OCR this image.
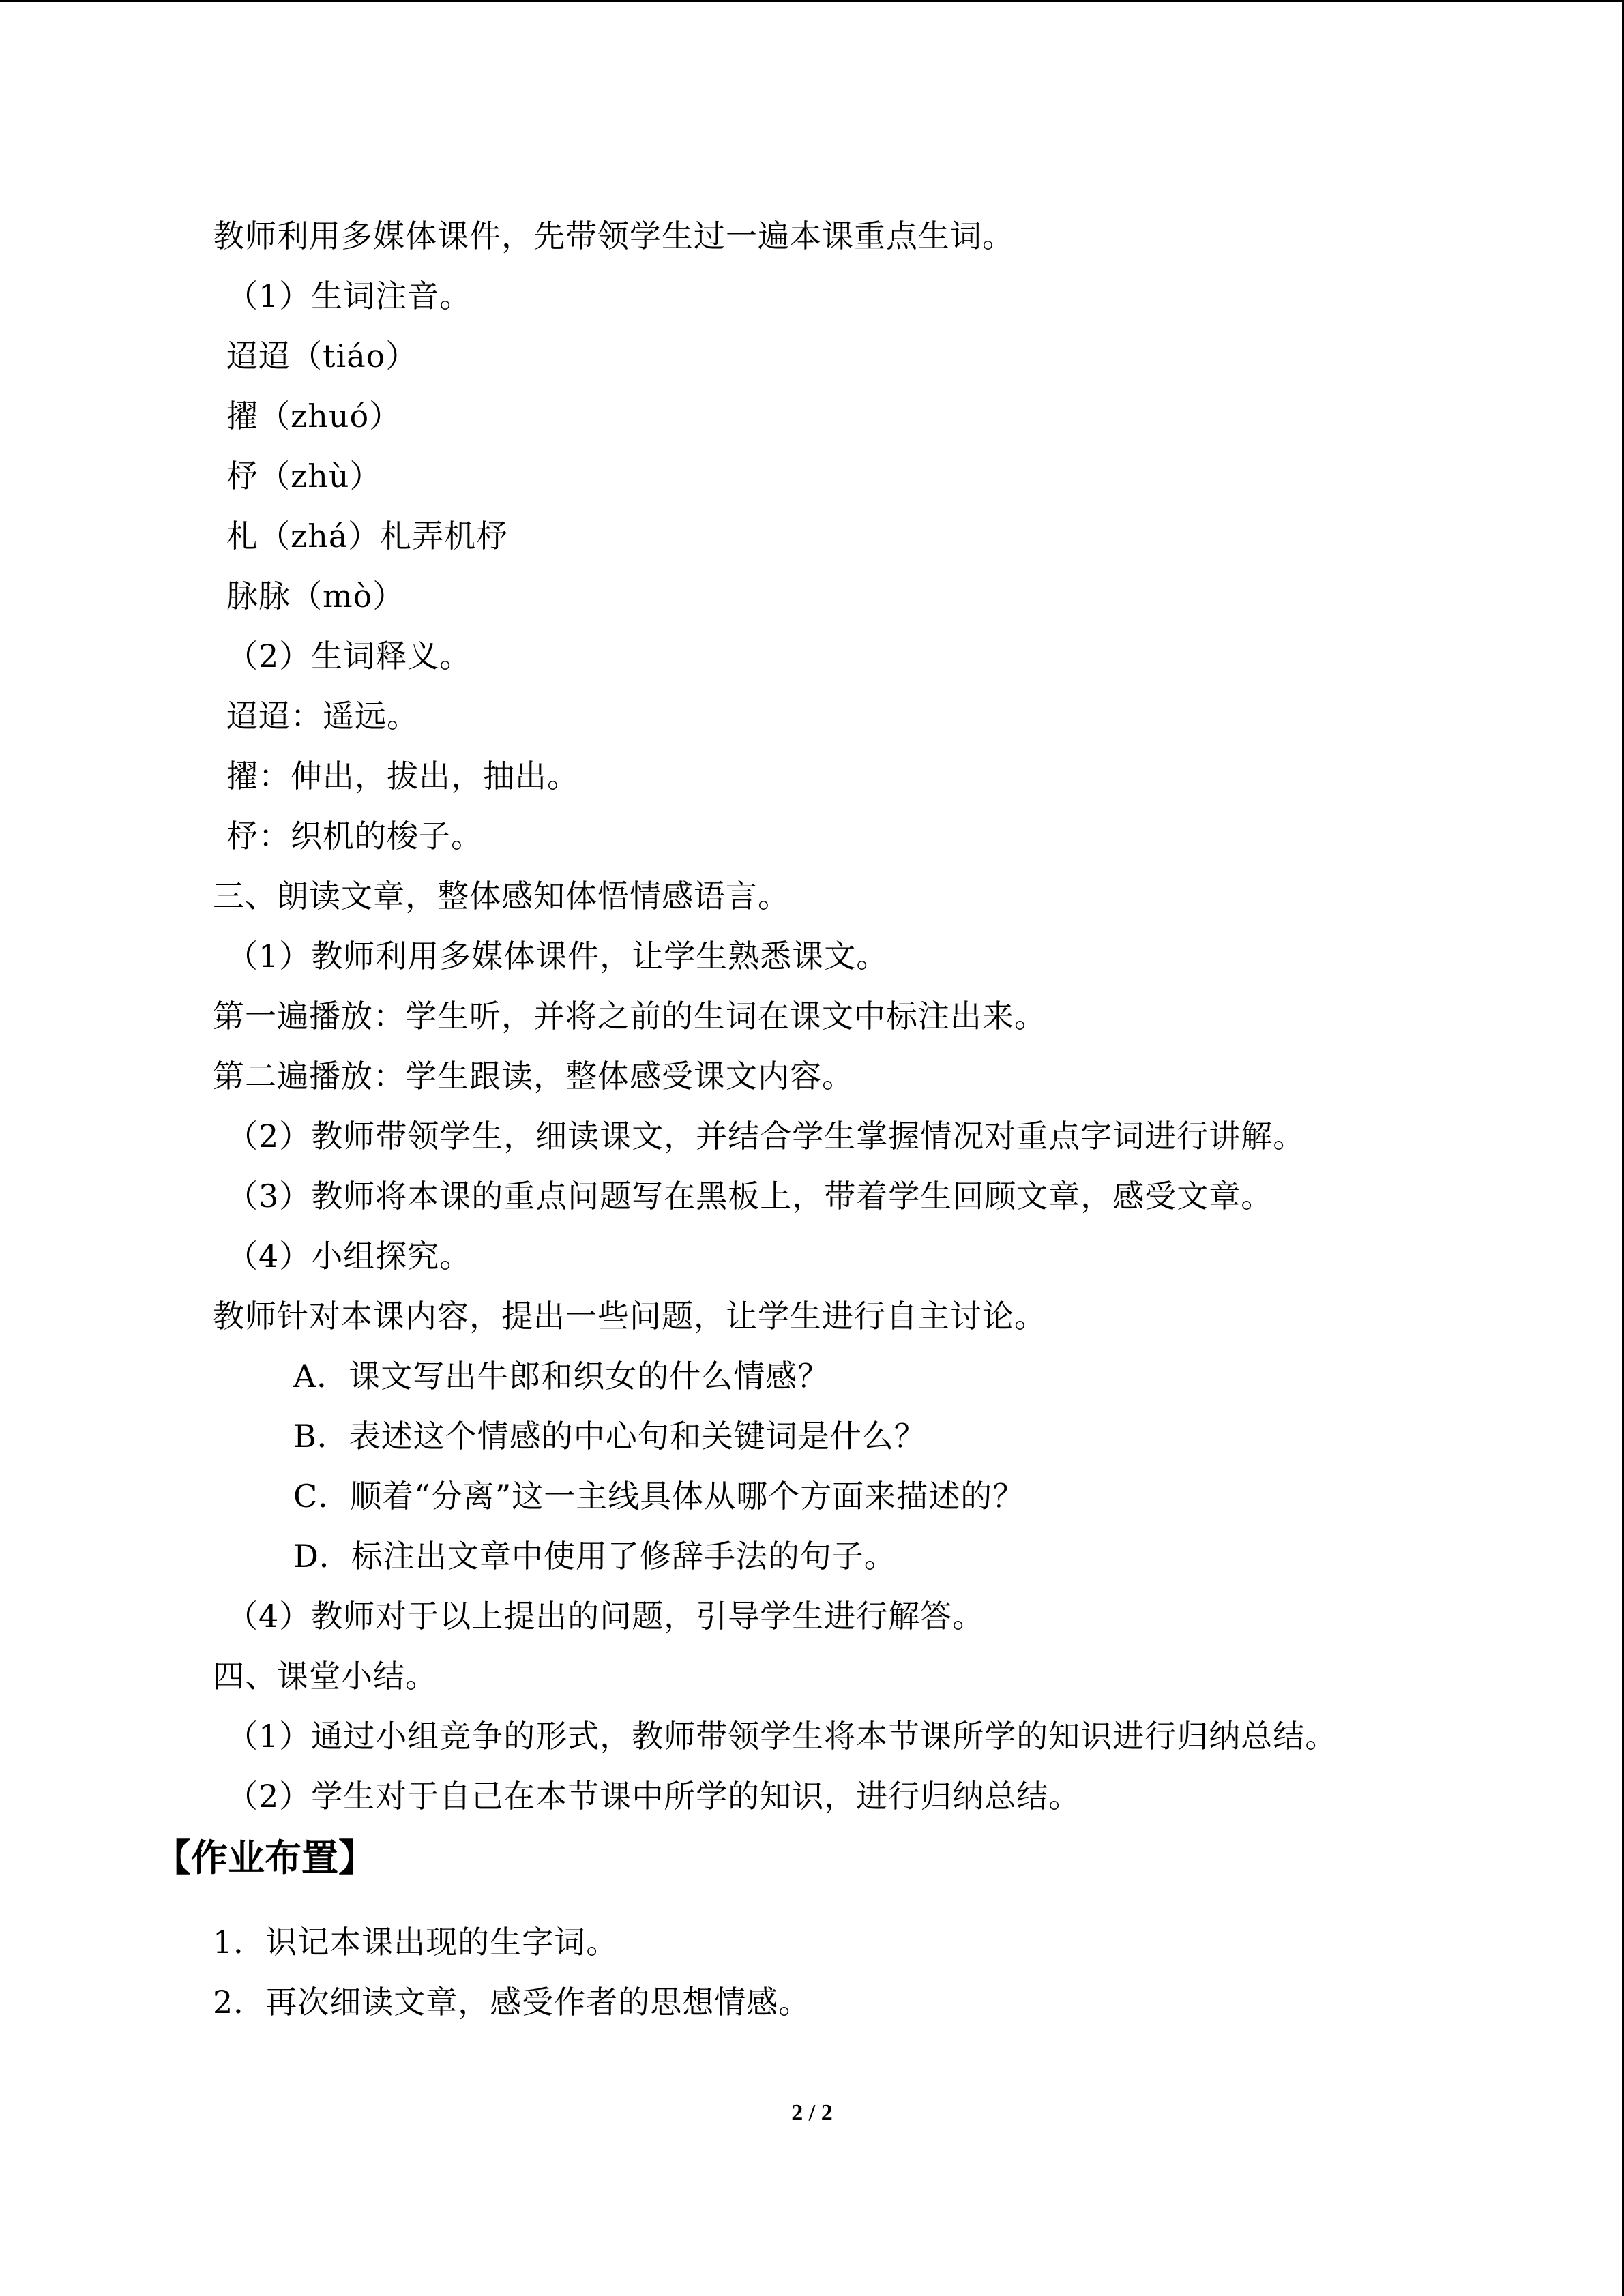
教师利用多媒体课件，先带领学生过一遍本课重点生词。
（1）生词注音。
迢迢（tiáo）
擢（zhuó）
杼（zhù）
札（zhá）札弄机杼
脉脉（mò）
（2）生词释义。
迢迢：遥远。
擢：伸出，拔出，抽出。
杼：织机的梭子。
三、朗读文章，整体感知体悟情感语言。
（1）教师利用多媒体课件，让学生熟悉课文。
第一遍播放：学生听，并将之前的生词在课文中标注出来。
第二遍播放：学生跟读，整体感受课文内容。
（2）教师带领学生，细读课文，并结合学生掌握情况对重点字词进行讲解。
（3）教师将本课的重点问题写在黑板上，带着学生回顾文章，感受文章。
（4）小组探究。
教师针对本课内容，提出一些问题，让学生进行自主讨论。
A．课文写出牛郎和织女的什么情感？
B．表述这个情感的中心句和关键词是什么？
C．顺着“分离”这一主线具体从哪个方面来描述的？
D．标注出文章中使用了修辞手法的句子。
（4）教师对于以上提出的问题，引导学生进行解答。
四、课堂小结。
（1）通过小组竞争的形式，教师带领学生将本节课所学的知识进行归纳总结。
（2）学生对于自己在本节课中所学的知识，进行归纳总结。
【作业布置】
1．识记本课出现的生字词。
2．再次细读文章，感受作者的思想情感。
2 / 2
